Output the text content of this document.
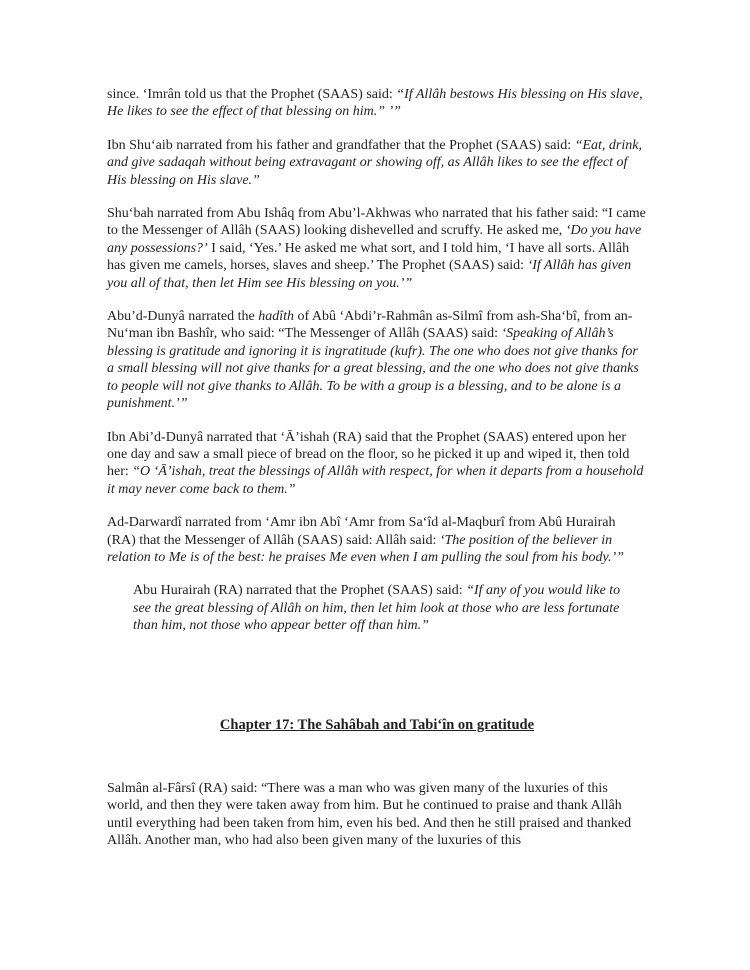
since. ‘Imrân told us that the Prophet (SAAS) said: “If Allâh bestows His blessing on His slave, He likes to see the effect of that blessing on him.” ’”
Ibn Shu‘aib narrated from his father and grandfather that the Prophet (SAAS) said: “Eat, drink, and give sadaqah without being extravagant or showing off, as Allâh likes to see the effect of His blessing on His slave.”
Shu‘bah narrated from Abu Ishâq from Abu’l-Akhwas who narrated that his father said: “I came to the Messenger of Allâh (SAAS) looking dishevelled and scruffy. He asked me, ‘Do you have any possessions?’ I said, ‘Yes.’ He asked me what sort, and I told him, ‘I have all sorts. Allâh has given me camels, horses, slaves and sheep.’ The Prophet (SAAS) said: ‘If Allâh has given you all of that, then let Him see His blessing on you.’”
Abu’d-Dunyâ narrated the hadîth of Abû ‘Abdi’r-Rahmân as-Silmî from ash-Sha‘bî, from an-Nu‘man ibn Bashîr, who said: “The Messenger of Allâh (SAAS) said: ‘Speaking of Allâh’s blessing is gratitude and ignoring it is ingratitude (kufr). The one who does not give thanks for a small blessing will not give thanks for a great blessing, and the one who does not give thanks to people will not give thanks to Allâh. To be with a group is a blessing, and to be alone is a punishment.’”
Ibn Abi’d-Dunyâ narrated that ‘Ā’ishah (RA) said that the Prophet (SAAS) entered upon her one day and saw a small piece of bread on the floor, so he picked it up and wiped it, then told her: “O ‘Ā’ishah, treat the blessings of Allâh with respect, for when it departs from a household it may never come back to them.”
Ad-Darwardî narrated from ‘Amr ibn Abî ‘Amr from Sa‘îd al-Maqburî from Abû Hurairah (RA) that the Messenger of Allâh (SAAS) said: Allâh said: ‘The position of the believer in relation to Me is of the best: he praises Me even when I am pulling the soul from his body.’”
Abu Hurairah (RA) narrated that the Prophet (SAAS) said: “If any of you would like to see the great blessing of Allâh on him, then let him look at those who are less fortunate than him, not those who appear better off than him.”
Chapter 17: The Sahâbah and Tabi‘în on gratitude
Salmân al-Fârsî (RA) said: “There was a man who was given many of the luxuries of this world, and then they were taken away from him. But he continued to praise and thank Allâh until everything had been taken from him, even his bed. And then he still praised and thanked Allâh. Another man, who had also been given many of the luxuries of this
